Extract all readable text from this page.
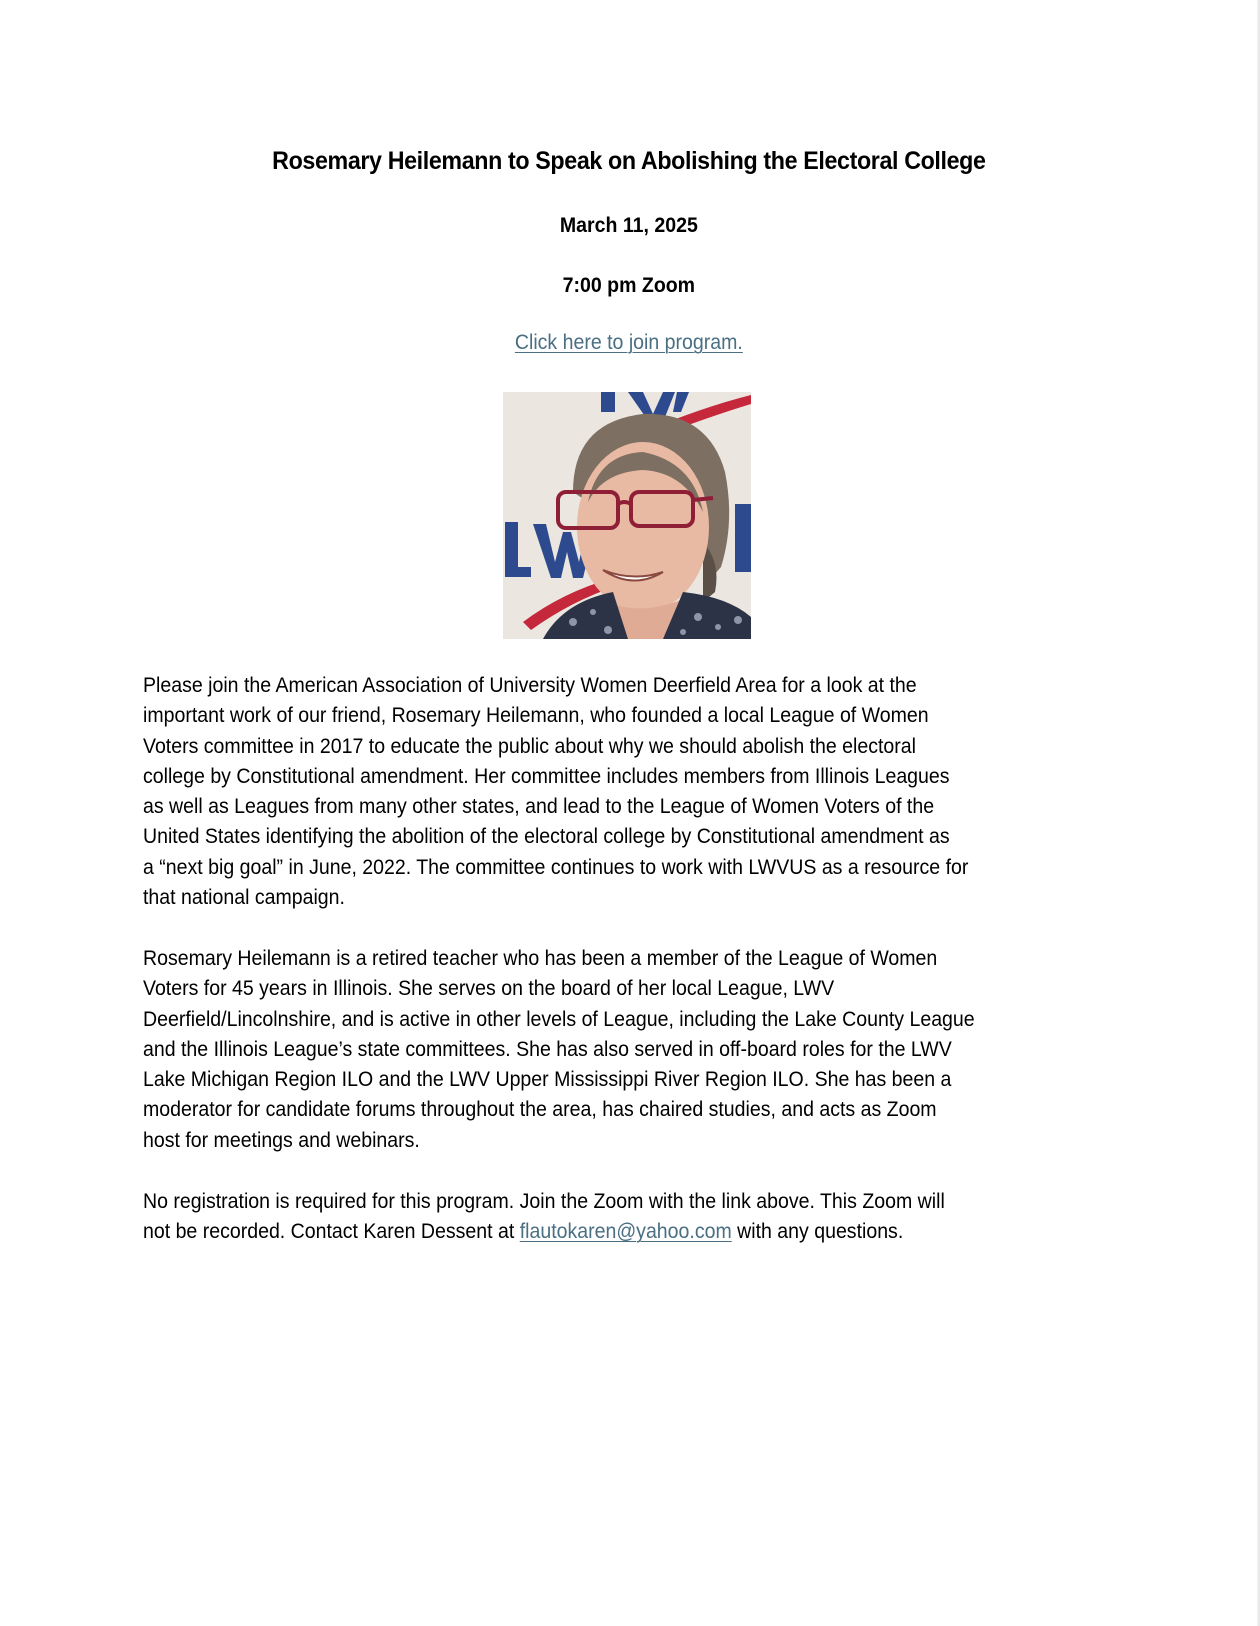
Rosemary Heilemann to Speak on Abolishing the Electoral College
March 11, 2025
7:00 pm Zoom
Click here to join program.
Please join the American Association of University Women Deerfield Area for a look at the
important work of our friend, Rosemary Heilemann, who founded a local League of Women
Voters committee in 2017 to educate the public about why we should abolish the electoral
college by Constitutional amendment. Her committee includes members from Illinois Leagues
as well as Leagues from many other states, and lead to the League of Women Voters of the
United States identifying the abolition of the electoral college by Constitutional amendment as
a “next big goal” in June, 2022. The committee continues to work with LWVUS as a resource for
that national campaign.
Rosemary Heilemann is a retired teacher who has been a member of the League of Women
Voters for 45 years in Illinois. She serves on the board of her local League, LWV
Deerfield/Lincolnshire, and is active in other levels of League, including the Lake County League
and the Illinois League’s state committees. She has also served in off-board roles for the LWV
Lake Michigan Region ILO and the LWV Upper Mississippi River Region ILO. She has been a
moderator for candidate forums throughout the area, has chaired studies, and acts as Zoom
host for meetings and webinars.
No registration is required for this program. Join the Zoom with the link above. This Zoom will
not be recorded. Contact Karen Dessent at flautokaren@yahoo.com with any questions.
